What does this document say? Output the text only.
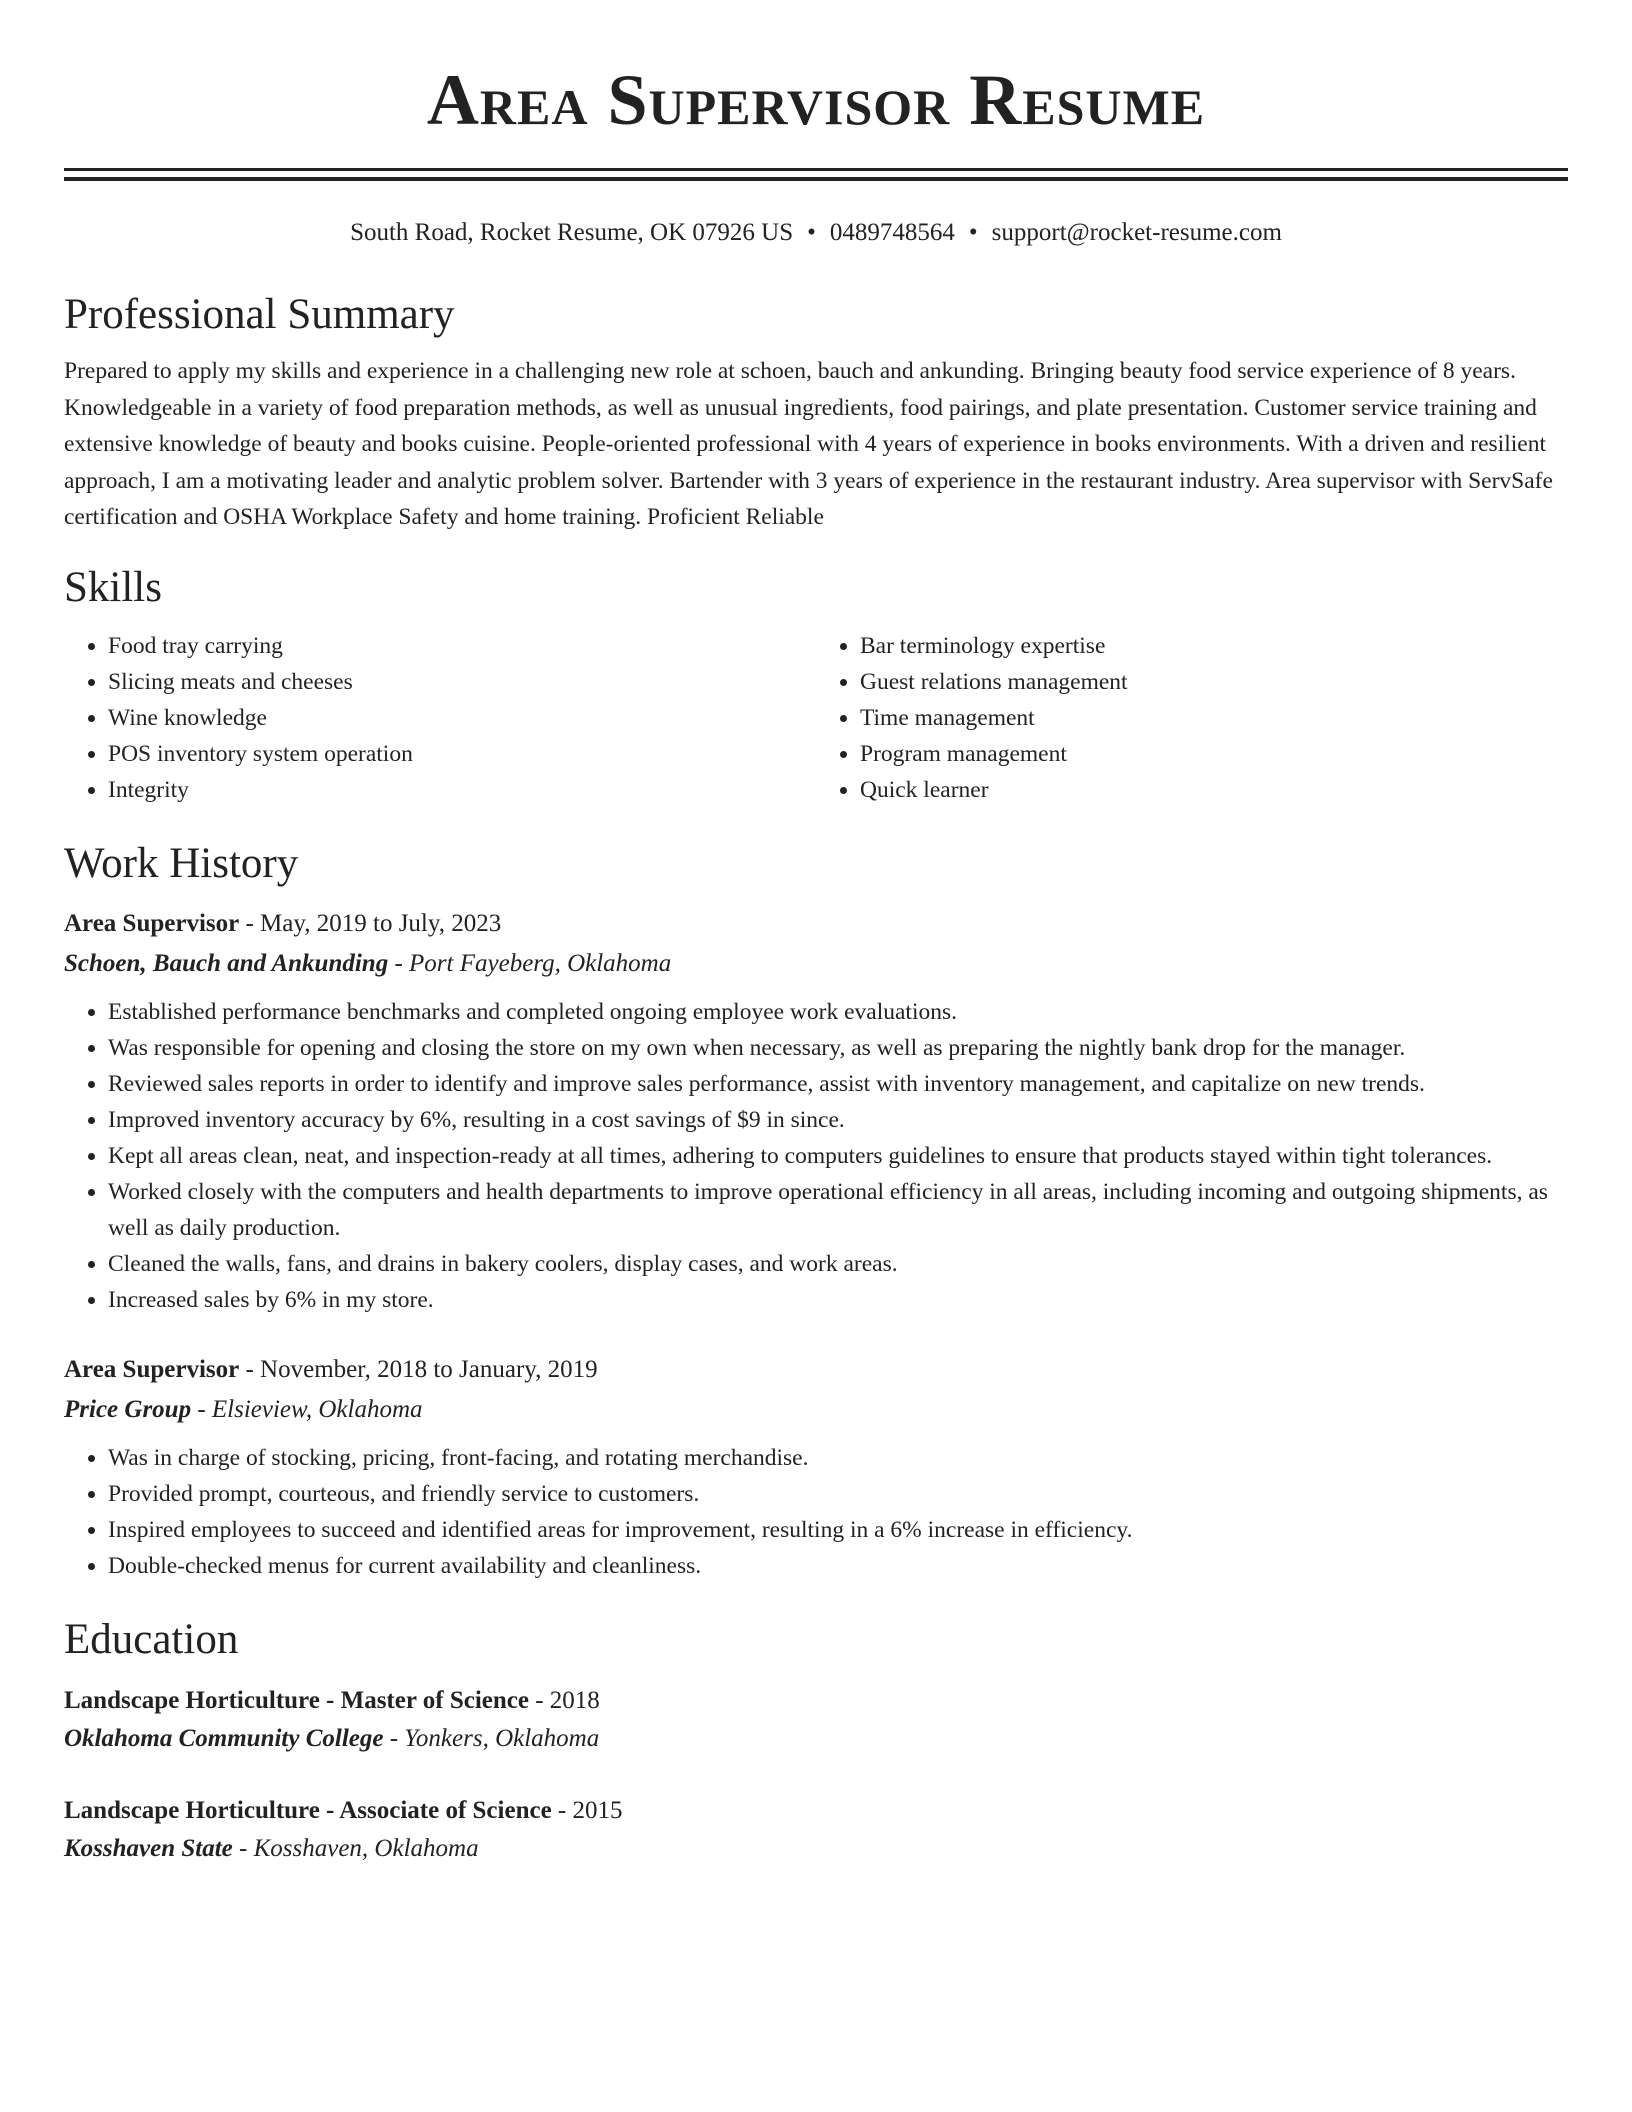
Area Supervisor Resume
South Road, Rocket Resume, OK 07926 US • 0489748564 • support@rocket-resume.com
Professional Summary

Prepared to apply my skills and experience in a challenging new role at schoen, bauch and ankunding. Bringing beauty food service experience of 8 years. Knowledgeable in a variety of food preparation methods, as well as unusual ingredients, food pairings, and plate presentation. Customer service training and extensive knowledge of beauty and books cuisine. People-oriented professional with 4 years of experience in books environments. With a driven and resilient approach, I am a motivating leader and analytic problem solver. Bartender with 3 years of experience in the restaurant industry. Area supervisor with ServSafe certification and OSHA Workplace Safety and home training. Proficient Reliable

Skills
• Food tray carrying
• Slicing meats and cheeses
• Wine knowledge
• POS inventory system operation
• Integrity
• Bar terminology expertise
• Guest relations management
• Time management
• Program management
• Quick learner
Work History
Area Supervisor - May, 2019 to July, 2023
Schoen, Bauch and Ankunding - Port Fayeberg, Oklahoma
• Established performance benchmarks and completed ongoing employee work evaluations.
• Was responsible for opening and closing the store on my own when necessary, as well as preparing the nightly bank drop for the manager.
• Reviewed sales reports in order to identify and improve sales performance, assist with inventory management, and capitalize on new trends.
• Improved inventory accuracy by 6%, resulting in a cost savings of $9 in since.
• Kept all areas clean, neat, and inspection-ready at all times, adhering to computers guidelines to ensure that products stayed within tight tolerances.
• Worked closely with the computers and health departments to improve operational efficiency in all areas, including incoming and outgoing shipments, as well as daily production.
• Cleaned the walls, fans, and drains in bakery coolers, display cases, and work areas.
• Increased sales by 6% in my store.
Area Supervisor - November, 2018 to January, 2019
Price Group - Elsieview, Oklahoma
• Was in charge of stocking, pricing, front-facing, and rotating merchandise.
• Provided prompt, courteous, and friendly service to customers.
• Inspired employees to succeed and identified areas for improvement, resulting in a 6% increase in efficiency.
• Double-checked menus for current availability and cleanliness.
Education
Landscape Horticulture - Master of Science - 2018
Oklahoma Community College - Yonkers, Oklahoma
Landscape Horticulture - Associate of Science - 2015
Kosshaven State - Kosshaven, Oklahoma
